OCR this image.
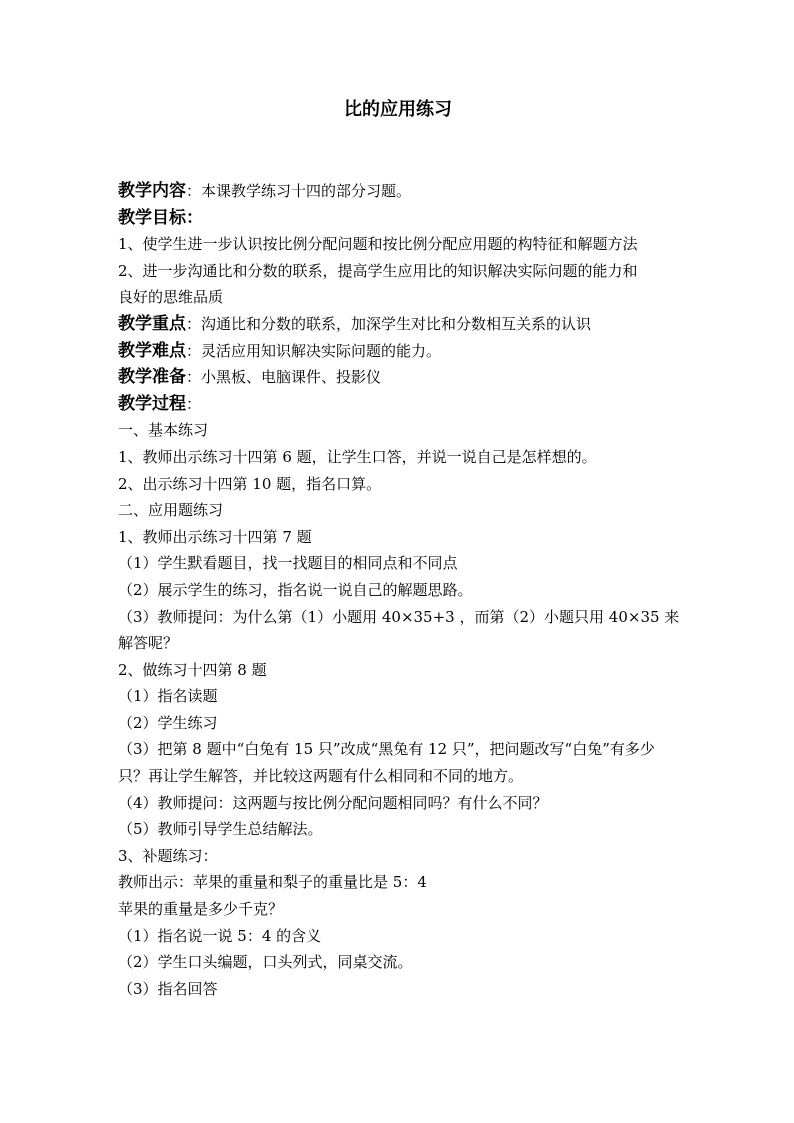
比的应用练习
教学内容：本课教学练习十四的部分习题。
教学目标：
1、使学生进一步认识按比例分配问题和按比例分配应用题的构特征和解题方法
2、进一步沟通比和分数的联系，提高学生应用比的知识解决实际问题的能力和
良好的思维品质
教学重点：沟通比和分数的联系，加深学生对比和分数相互关系的认识
教学难点：灵活应用知识解决实际问题的能力。
教学准备：小黑板、电脑课件、投影仪
教学过程：
一、基本练习
1、教师出示练习十四第 6 题，让学生口答，并说一说自己是怎样想的。
2、出示练习十四第 10 题，指名口算。
二、应用题练习
1、教师出示练习十四第 7 题
（1）学生默看题目，找一找题目的相同点和不同点
（2）展示学生的练习，指名说一说自己的解题思路。
（3）教师提问：为什么第（1）小题用 40×35+3 ，而第（2）小题只用 40×35 来
解答呢？
2、做练习十四第 8 题
（1）指名读题
（2）学生练习
（3）把第 8 题中“白兔有 15 只”改成“黑兔有 12 只”，把问题改写“白兔”有多少
只？再让学生解答，并比较这两题有什么相同和不同的地方。
（4）教师提问：这两题与按比例分配问题相同吗？有什么不同？
（5）教师引导学生总结解法。
3、补题练习：
教师出示：苹果的重量和梨子的重量比是 5：4
苹果的重量是多少千克？
（1）指名说一说 5：4 的含义
（2）学生口头编题，口头列式，同桌交流。
（3）指名回答
